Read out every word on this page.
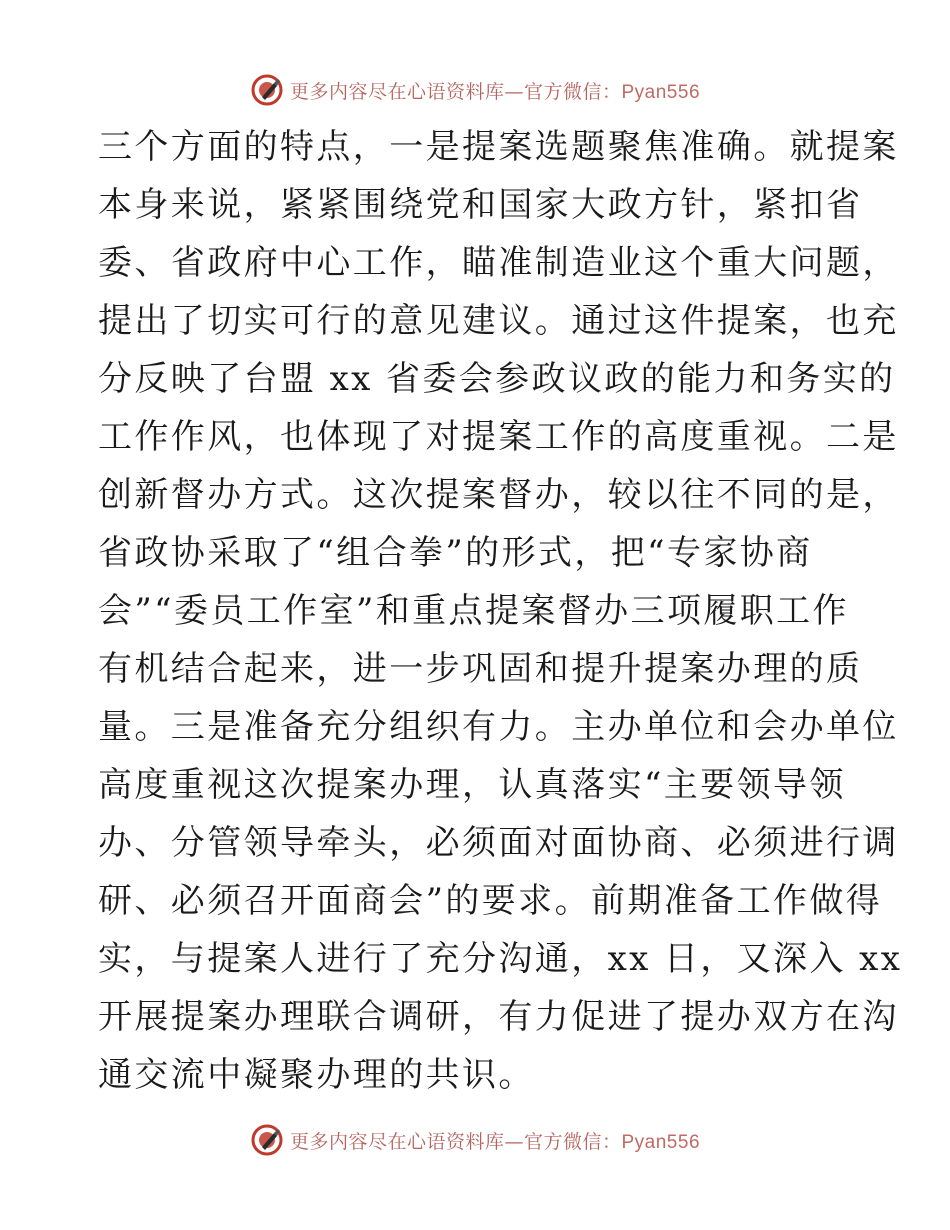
更多内容尽在心语资料库—官方微信：Pyan556
三个方面的特点，一是提案选题聚焦准确。就提案
本身来说，紧紧围绕党和国家大政方针，紧扣省
委、省政府中心工作，瞄准制造业这个重大问题，
提出了切实可行的意见建议。通过这件提案，也充
分反映了台盟 xx 省委会参政议政的能力和务实的
工作作风，也体现了对提案工作的高度重视。二是
创新督办方式。这次提案督办，较以往不同的是，
省政协采取了“组合拳”的形式，把“专家协商
会”“委员工作室”和重点提案督办三项履职工作
有机结合起来，进一步巩固和提升提案办理的质
量。三是准备充分组织有力。主办单位和会办单位
高度重视这次提案办理，认真落实“主要领导领
办、分管领导牵头，必须面对面协商、必须进行调
研、必须召开面商会”的要求。前期准备工作做得
实，与提案人进行了充分沟通，xx 日，又深入 xx
开展提案办理联合调研，有力促进了提办双方在沟
通交流中凝聚办理的共识。
更多内容尽在心语资料库—官方微信：Pyan556
